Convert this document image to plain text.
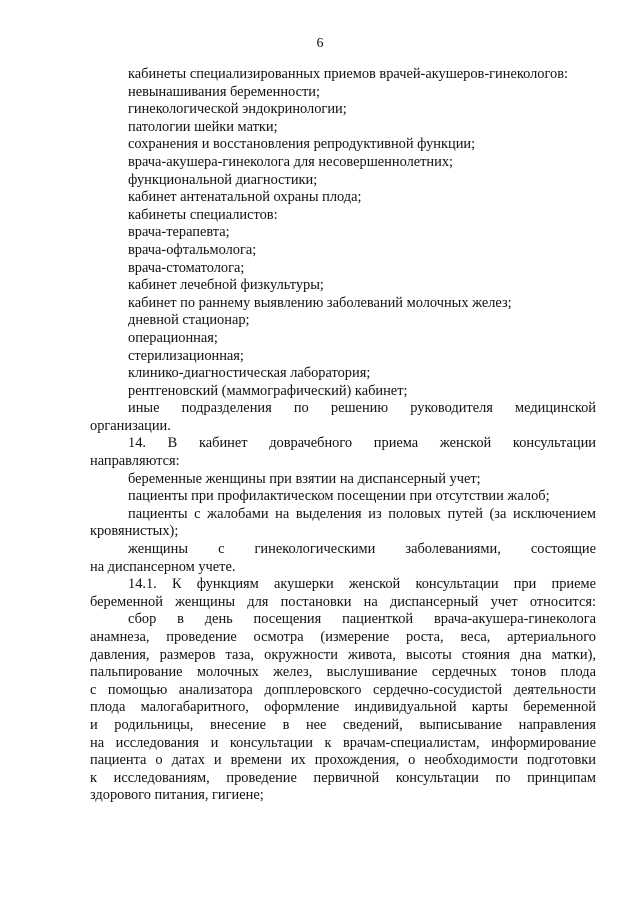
6
кабинеты специализированных приемов врачей-акушеров-гинекологов:
невынашивания беременности;
гинекологической эндокринологии;
патологии шейки матки;
сохранения и восстановления репродуктивной функции;
врача-акушера-гинеколога для несовершеннолетних;
функциональной диагностики;
кабинет антенатальной охраны плода;
кабинеты специалистов:
врача-терапевта;
врача-офтальмолога;
врача-стоматолога;
кабинет лечебной физкультуры;
кабинет по раннему выявлению заболеваний молочных желез;
дневной стационар;
операционная;
стерилизационная;
клинико-диагностическая лаборатория;
рентгеновский (маммографический) кабинет;
иные подразделения по решению руководителя медицинской
организации.
14. В кабинет доврачебного приема женской консультации
направляются:
беременные женщины при взятии на диспансерный учет;
пациенты при профилактическом посещении при отсутствии жалоб;
пациенты с жалобами на выделения из половых путей (за исключением
кровянистых);
женщины с гинекологическими заболеваниями, состоящие
на диспансерном учете.
14.1. К функциям акушерки женской консультации при приеме
беременной женщины для постановки на диспансерный учет относится:
сбор в день посещения пациенткой врача-акушера-гинеколога
анамнеза, проведение осмотра (измерение роста, веса, артериального
давления, размеров таза, окружности живота, высоты стояния дна матки),
пальпирование молочных желез, выслушивание сердечных тонов плода
с помощью анализатора допплеровского сердечно-сосудистой деятельности
плода малогабаритного, оформление индивидуальной карты беременной
и родильницы, внесение в нее сведений, выписывание направления
на исследования и консультации к врачам-специалистам, информирование
пациента о датах и времени их прохождения, о необходимости подготовки
к исследованиям, проведение первичной консультации по принципам
здорового питания, гигиене;
